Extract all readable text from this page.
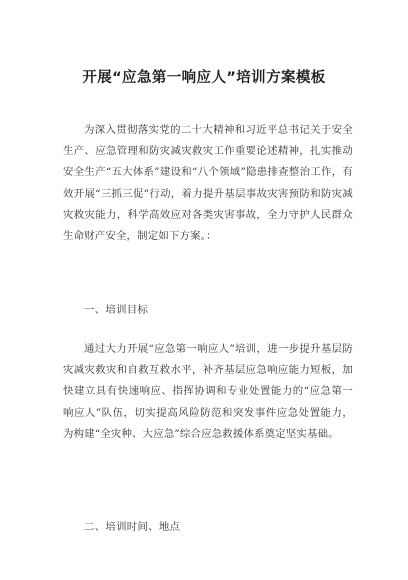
开展“应急第一响应人”培训方案模板

为深入贯彻落实党的二十大精神和习近平总书记关于安全生产、应急管理和防灾减灾救灾工作重要论述精神，扎实推动安全生产“五大体系”建设和“八个领域”隐患排查整治工作，有效开展“三抓三促”行动，着力提升基层事故灾害预防和防灾减灾救灾能力，科学高效应对各类灾害事故，全力守护人民群众生命财产安全，制定如下方案。：

一、培训目标

通过大力开展“应急第一响应人”培训，进一步提升基层防灾减灾救灾和自救互救水平，补齐基层应急响应能力短板，加快建立具有快速响应、指挥协调和专业处置能力的“应急第一响应人”队伍，切实提高风险防范和突发事件应急处置能力，为构建“全灾种、大应急”综合应急救援体系奠定坚实基础。

二、培训时间、地点
